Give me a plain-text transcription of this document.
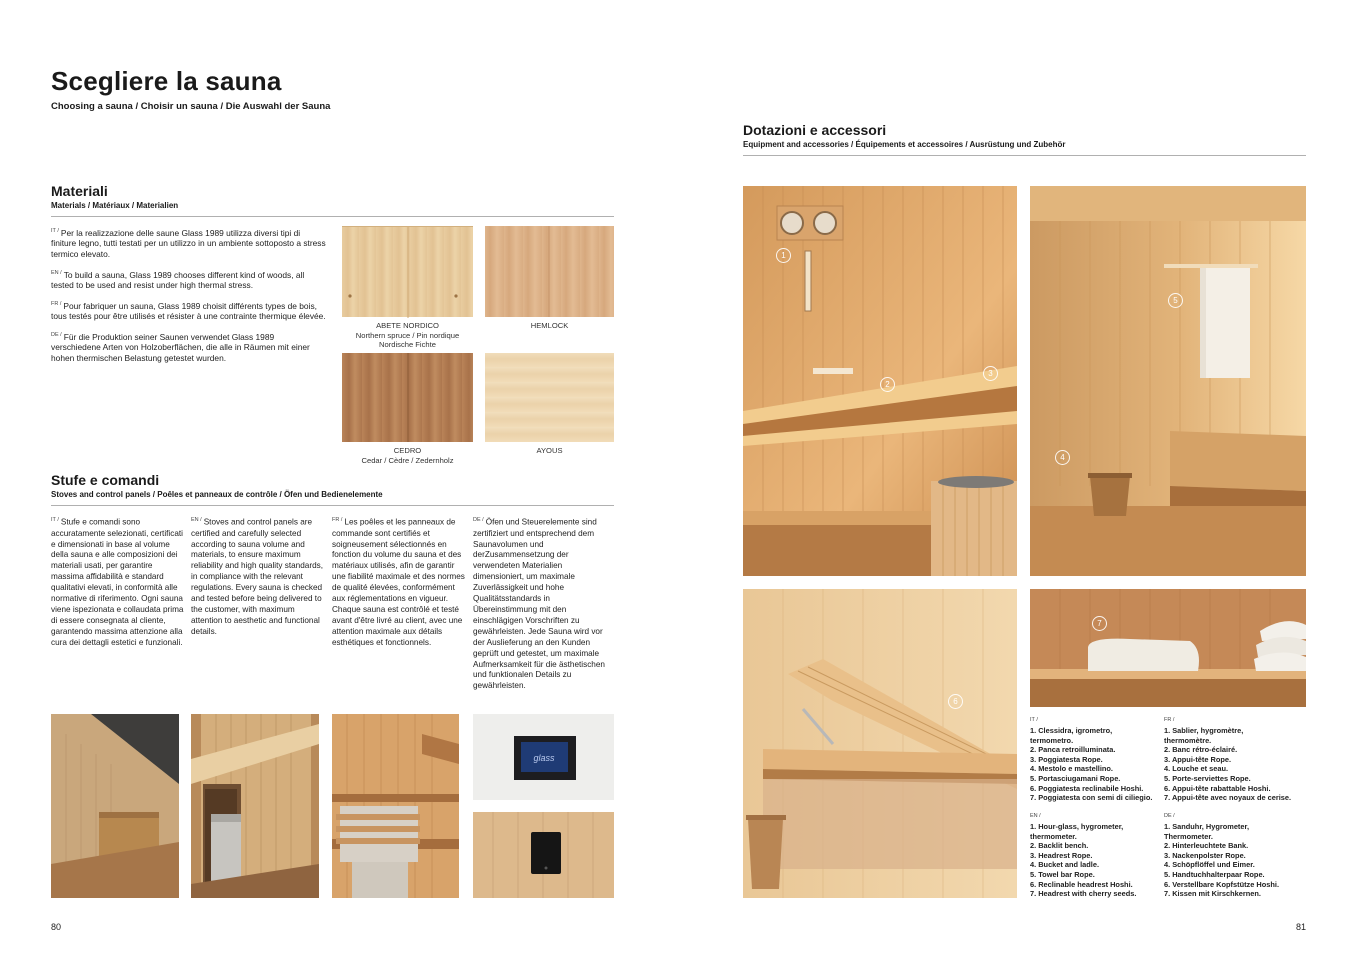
Scegliere la sauna
Choosing a sauna / Choisir un sauna / Die Auswahl der Sauna
Materiali
Materials / Matériaux / Materialien

$^{IT /}$ Per la realizzazione delle saune Glass 1989 utilizza diversi tipi di finiture legno, tutti testati per un utilizzo in un ambiente sottoposto a stress termico elevato.

$^{EN /}$ To build a sauna, Glass 1989 chooses different kind of woods, all tested to be used and resist under high thermal stress.

$^{FR /}$ Pour fabriquer un sauna, Glass 1989 choisit différents types de bois, tous testés pour être utilisés et résister à une contrainte thermique élevée.

$^{DE /}$ Für die Produktion seiner Saunen verwendet Glass 1989 verschiedene Arten von Holzoberflächen, die alle in Räumen mit einer hohen thermischen Belastung getestet wurden.

ABETE NORDICO
Northern spruce / Pin nordique
Nordische Fichte
HEMLOCK
CEDRO
Cedar / Cèdre / Zedernholz
AYOUS
Stufe e comandi
Stoves and control panels / Poêles et panneaux de contrôle / Öfen und Bedienelemente
$^{IT /}$ Stufe e comandi sono accuratamente selezionati, certificati e dimensionati in base al volume della sauna e alle composizioni dei materiali usati, per garantire massima affidabilità e standard qualitativi elevati, in conformità alle normative di riferimento. Ogni sauna viene ispezionata e collaudata prima di essere consegnata al cliente, garantendo massima attenzione alla cura dei dettagli estetici e funzionali.
$^{EN /}$ Stoves and control panels are certified and carefully selected according to sauna volume and materials, to ensure maximum reliability and high quality standards, in compliance with the relevant regulations. Every sauna is checked and tested before being delivered to the customer, with maximum attention to aesthetic and functional details.
$^{FR /}$ Les poêles et les panneaux de commande sont certifiés et soigneusement sélectionnés en fonction du volume du sauna et des matériaux utilisés, afin de garantir une fiabilité maximale et des normes de qualité élevées, conformément aux réglementations en vigueur. Chaque sauna est contrôlé et testé avant d'être livré au client, avec une attention maximale aux détails esthétiques et fonctionnels.
$^{DE /}$ Öfen und Steuerelemente sind zertifiziert und entsprechend dem Saunavolumen und derZusammensetzung der verwendeten Materialien dimensioniert, um maximale Zuverlässigkeit und hohe Qualitätsstandards in Übereinstimmung mit den einschlägigen Vorschriften zu gewährleisten. Jede Sauna wird vor der Auslieferung an den Kunden geprüft und getestet, um maximale Aufmerksamkeit für die ästhetischen und funktionalen Details zu gewährleisten.
glass
80
Dotazioni e accessori
Equipment and accessories / Équipements et accessoires / Ausrüstung und Zubehör
1
2
3
5
4
6
7
IT /
1. Clessidra, igrometro,
termometro.
2. Panca retroilluminata.
3. Poggiatesta Rope.
4. Mestolo e mastellino.
5. Portasciugamani Rope.
6. Poggiatesta reclinabile Hoshi.
7. Poggiatesta con semi di ciliegio.
FR /
1. Sablier, hygromètre,
thermomètre.
2. Banc rétro-éclairé.
3. Appui-tête Rope.
4. Louche et seau.
5. Porte-serviettes Rope.
6. Appui-tête rabattable Hoshi.
7. Appui-tête avec noyaux de cerise.
EN /
1. Hour-glass, hygrometer,
thermometer.
2. Backlit bench.
3. Headrest Rope.
4. Bucket and ladle.
5. Towel bar Rope.
6. Reclinable headrest Hoshi.
7. Headrest with cherry seeds.
DE /
1. Sanduhr, Hygrometer,
Thermometer.
2. Hinterleuchtete Bank.
3. Nackenpolster Rope.
4. Schöpflöffel und Eimer.
5. Handtuchhalterpaar Rope.
6. Verstellbare Kopfstütze Hoshi.
7. Kissen mit Kirschkernen.
81
